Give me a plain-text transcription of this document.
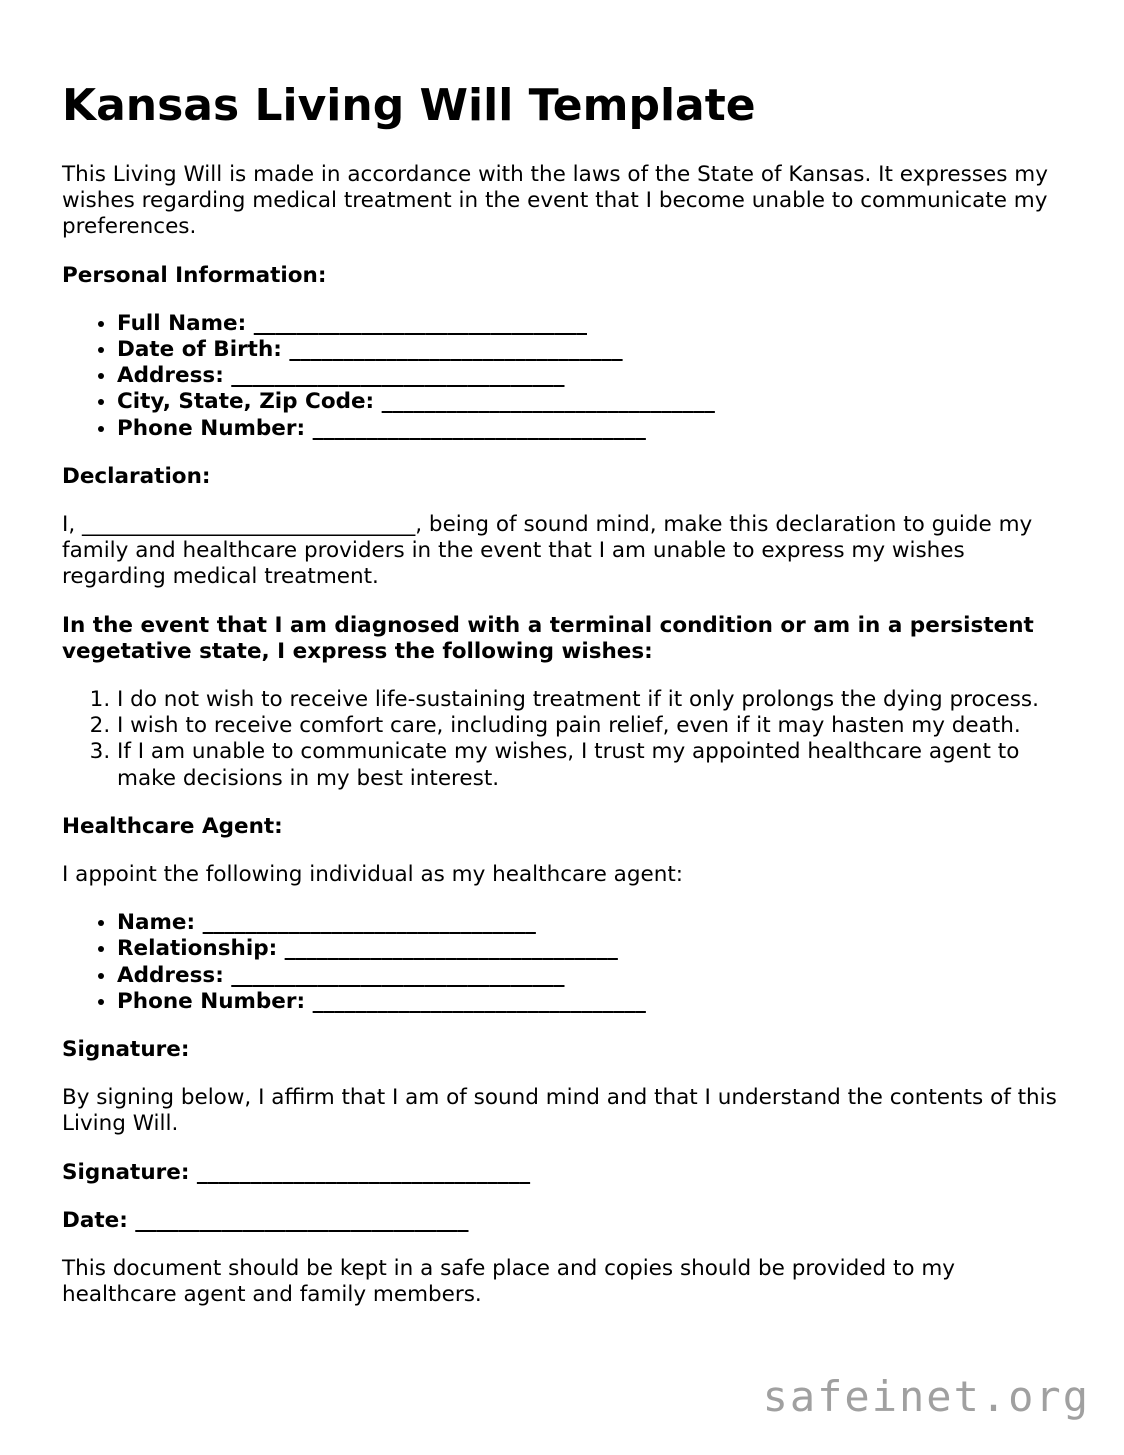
Kansas Living Will Template

This Living Will is made in accordance with the laws of the State of Kansas. It expresses my wishes regarding medical treatment in the event that I become unable to communicate my preferences.

Personal Information:
• Full Name: _______________________________
• Date of Birth: _______________________________
• Address: _______________________________
• City, State, Zip Code: _______________________________
• Phone Number: _______________________________
Declaration:

I, _______________________________, being of sound mind, make this declaration to guide my family and healthcare providers in the event that I am unable to express my wishes regarding medical treatment.

In the event that I am diagnosed with a terminal condition or am in a persistent vegetative state, I express the following wishes:
1. I do not wish to receive life-sustaining treatment if it only prolongs the dying process.
2. I wish to receive comfort care, including pain relief, even if it may hasten my death.
3. If I am unable to communicate my wishes, I trust my appointed healthcare agent to make decisions in my best interest.
Healthcare Agent:

I appoint the following individual as my healthcare agent:

• Name: _______________________________
• Relationship: _______________________________
• Address: _______________________________
• Phone Number: _______________________________
Signature:

By signing below, I affirm that I am of sound mind and that I understand the contents of this Living Will.

Signature: _______________________________
Date: _______________________________

This document should be kept in a safe place and copies should be provided to my healthcare agent and family members.

safeinet.org
